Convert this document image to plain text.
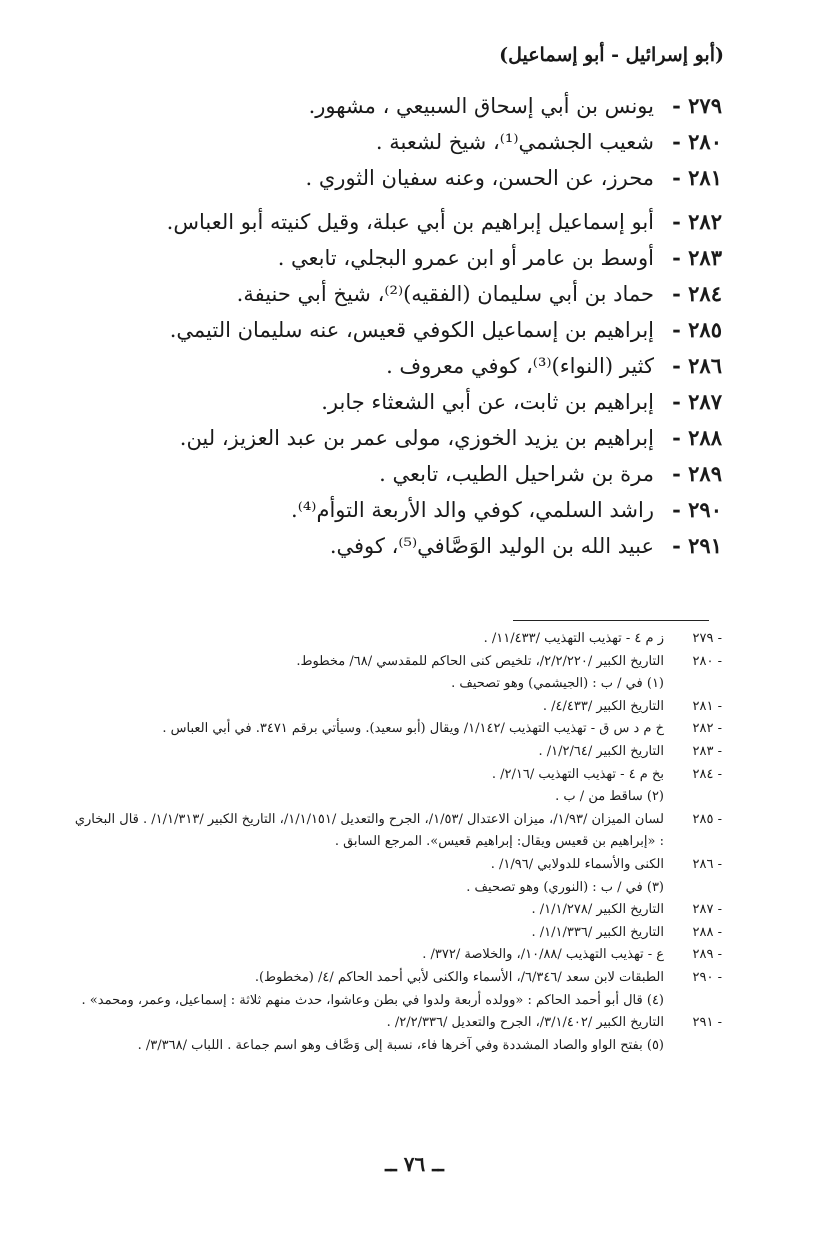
(أبو إسرائيل - أبو إسماعيل)
٢٧٩ -
يونس بن أبي إسحاق السبيعي ، مشهور.
٢٨٠ -
شعيب الجشمي⁽¹⁾، شيخ لشعبة .
٢٨١ -
محرز، عن الحسن، وعنه سفيان الثوري .
٢٨٢ -
أبو إسماعيل إبراهيم بن أبي عبلة، وقيل كنيته أبو العباس.
٢٨٣ -
أوسط بن عامر أو ابن عمرو البجلي، تابعي .
٢٨٤ -
حماد بن أبي سليمان (الفقيه)⁽²⁾، شيخ أبي حنيفة.
٢٨٥ -
إبراهيم بن إسماعيل الكوفي قعيس، عنه سليمان التيمي.
٢٨٦ -
كثير (النواء)⁽³⁾، كوفي معروف .
٢٨٧ -
إبراهيم بن ثابت، عن أبي الشعثاء جابر.
٢٨٨ -
إبراهيم بن يزيد الخوزي، مولى عمر بن عبد العزيز، لين.
٢٨٩ -
مرة بن شراحيل الطيب، تابعي .
٢٩٠ -
راشد السلمي، كوفي والد الأربعة التوأم⁽⁴⁾.
٢٩١ -
عبيد الله بن الوليد الوَصَّافي⁽⁵⁾، كوفي.
- ٢٧٩
ز م ٤ - تهذيب التهذيب /١١/٤٣٣/ .
- ٢٨٠
التاريخ الكبير /٢/٢/٢٢٠/، تلخيص كنى الحاكم للمقدسي /٦٨/ مخطوط.
(١) في / ب : (الجيشمي) وهو تصحيف .
- ٢٨١
التاريخ الكبير /٤/٤٣٣/ .
- ٢٨٢
خ م د س ق - تهذيب التهذيب /١/١٤٢/ ويقال (أبو سعيد). وسيأتي برقم ٣٤٧١. في أبي العباس .
- ٢٨٣
التاريخ الكبير /١/٢/٦٤/ .
- ٢٨٤
بخ م ٤ - تهذيب التهذيب /٢/١٦/ .
(٢) ساقط من / ب .
- ٢٨٥
لسان الميزان /١/٩٣/، ميزان الاعتدال /١/٥٣/، الجرح والتعديل /١/١/١٥١/، التاريخ الكبير /١/١/٣١٣/ . قال البخاري : «إبراهيم بن قعيس ويقال: إبراهيم قعيس». المرجع السابق .
- ٢٨٦
الكنى والأسماء للدولابي /١/٩٦/ .
(٣) في / ب : (النوري) وهو تصحيف .
- ٢٨٧
التاريخ الكبير /١/١/٢٧٨/ .
- ٢٨٨
التاريخ الكبير /١/١/٣٣٦/ .
- ٢٨٩
ع - تهذيب التهذيب /١٠/٨٨/، والخلاصة /٣٧٢/ .
- ٢٩٠
الطبقات لابن سعد /٦/٣٤٦/، الأسماء والكنى لأبي أحمد الحاكم /٤/ (مخطوط).
(٤) قال أبو أحمد الحاكم : «وولده أربعة ولدوا في بطن وعاشوا، حدث منهم ثلاثة : إسماعيل، وعمر، ومحمد» .
- ٢٩١
التاريخ الكبير /٣/١/٤٠٢/، الجرح والتعديل /٢/٢/٣٣٦/ .
(٥) بفتح الواو والصاد المشددة وفي آخرها فاء، نسبة إلى وَصَّاف وهو اسم جماعة . اللباب /٣/٣٦٨/ .
ــ ٧٦ ــ
